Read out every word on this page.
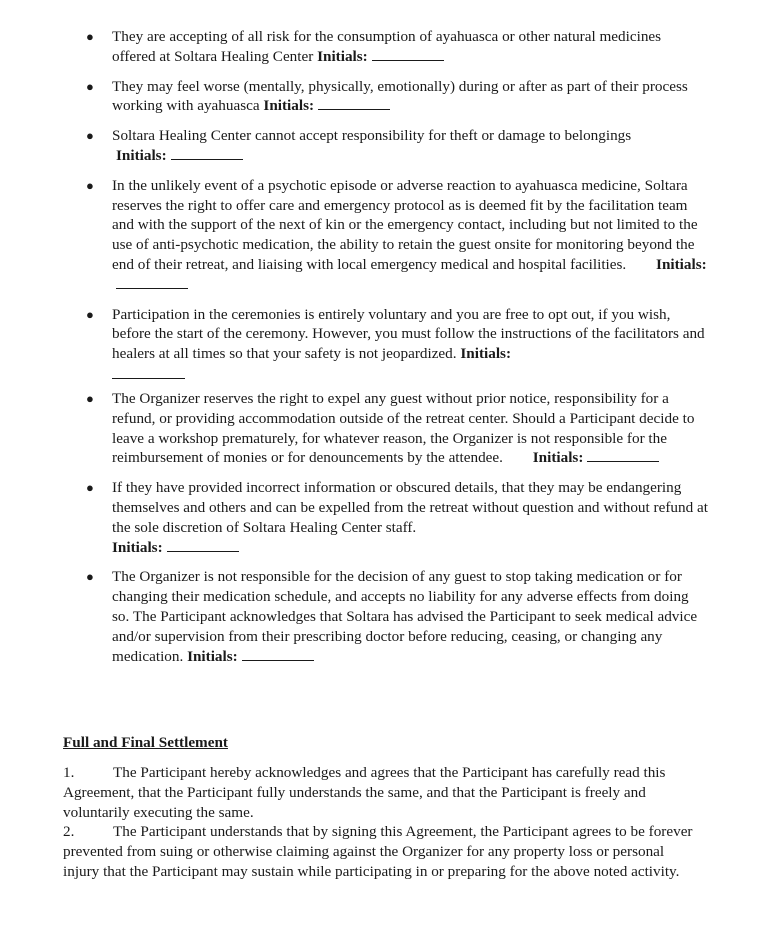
● They are accepting of all risk for the consumption of ayahuasca or other natural medicines offered at Soltara Healing Center Initials:
● They may feel worse (mentally, physically, emotionally) during or after as part of their process working with ayahuasca Initials:
● Soltara Healing Center cannot accept responsibility for theft or damage to belongings
Initials:
● In the unlikely event of a psychotic episode or adverse reaction to ayahuasca medicine, Soltara reserves the right to offer care and emergency protocol as is deemed fit by the facilitation team and with the support of the next of kin or the emergency contact, including but not limited to the use of anti-psychotic medication, the ability to retain the guest onsite for monitoring beyond the end of their retreat, and liaising with local emergency medical and hospital facilities. Initials:
● Participation in the ceremonies is entirely voluntary and you are free to opt out, if you wish, before the start of the ceremony. However, you must follow the instructions of the facilitators and healers at all times so that your safety is not jeopardized. Initials:
● The Organizer reserves the right to expel any guest without prior notice, responsibility for a refund, or providing accommodation outside of the retreat center. Should a Participant decide to leave a workshop prematurely, for whatever reason, the Organizer is not responsible for the reimbursement of monies or for denouncements by the attendee. Initials:
● If they have provided incorrect information or obscured details, that they may be endangering themselves and others and can be expelled from the retreat without question and without refund at the sole discretion of Soltara Healing Center staff.
Initials:
● The Organizer is not responsible for the decision of any guest to stop taking medication or for changing their medication schedule, and accepts no liability for any adverse effects from doing so. The Participant acknowledges that Soltara has advised the Participant to seek medical advice and/or supervision from their prescribing doctor before reducing, ceasing, or changing any medication. Initials:
Full and Final Settlement

1.	The Participant hereby acknowledges and agrees that the Participant has carefully read this Agreement, that the Participant fully understands the same, and that the Participant is freely and voluntarily executing the same.

2.	The Participant understands that by signing this Agreement, the Participant agrees to be forever prevented from suing or otherwise claiming against the Organizer for any property loss or personal injury that the Participant may sustain while participating in or preparing for the above noted activity.
